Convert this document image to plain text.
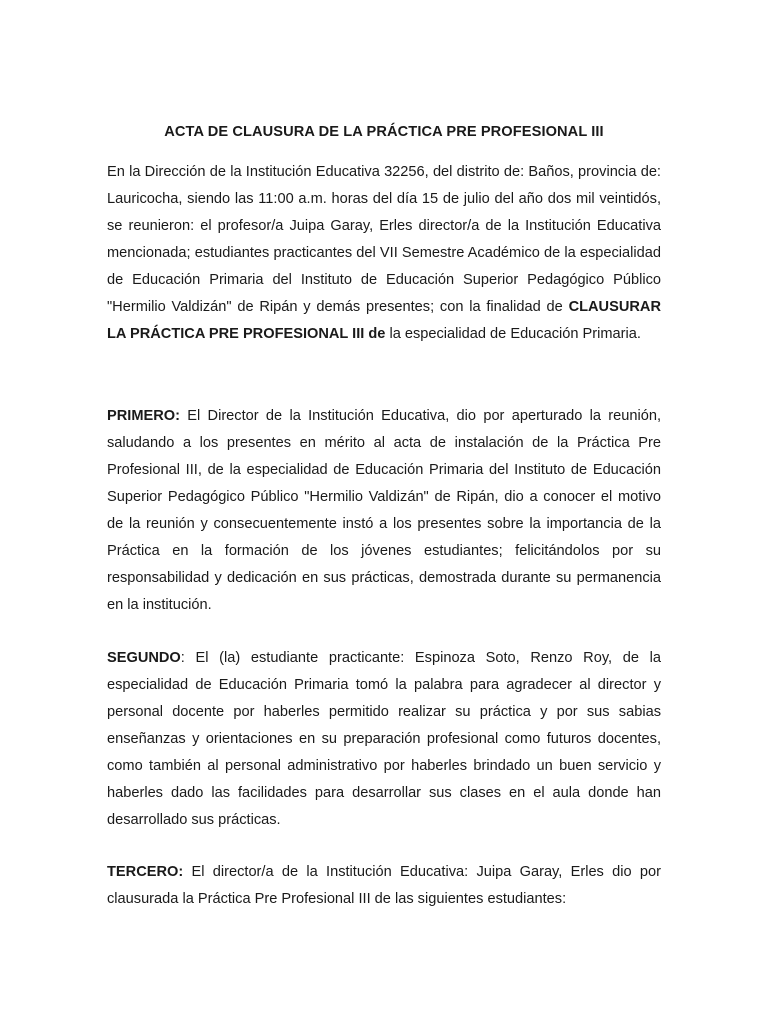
ACTA DE CLAUSURA DE LA PRÁCTICA PRE PROFESIONAL III

En la Dirección de la Institución Educativa 32256, del distrito de: Baños, provincia de: Lauricocha, siendo las 11:00 a.m. horas del día 15 de julio del año dos mil veintidós, se reunieron: el profesor/a Juipa Garay, Erles director/a de la Institución Educativa mencionada; estudiantes practicantes del VII Semestre Académico de la especialidad de Educación Primaria del Instituto de Educación Superior Pedagógico Público "Hermilio Valdizán" de Ripán y demás presentes; con la finalidad de CLAUSURAR LA PRÁCTICA PRE PROFESIONAL III de la especialidad de Educación Primaria.

PRIMERO: El Director de la Institución Educativa, dio por aperturado la reunión, saludando a los presentes en mérito al acta de instalación de la Práctica Pre Profesional III, de la especialidad de Educación Primaria del Instituto de Educación Superior Pedagógico Público "Hermilio Valdizán" de Ripán, dio a conocer el motivo de la reunión y consecuentemente instó a los presentes sobre la importancia de la Práctica en la formación de los jóvenes estudiantes; felicitándolos por su responsabilidad y dedicación en sus prácticas, demostrada durante su permanencia en la institución.

SEGUNDO: El (la) estudiante practicante: Espinoza Soto, Renzo Roy, de la especialidad de Educación Primaria tomó la palabra para agradecer al director y personal docente por haberles permitido realizar su práctica y por sus sabias enseñanzas y orientaciones en su preparación profesional como futuros docentes, como también al personal administrativo por haberles brindado un buen servicio y haberles dado las facilidades para desarrollar sus clases en el aula donde han desarrollado sus prácticas.

TERCERO: El director/a de la Institución Educativa: Juipa Garay, Erles dio por clausurada la Práctica Pre Profesional III de las siguientes estudiantes:
